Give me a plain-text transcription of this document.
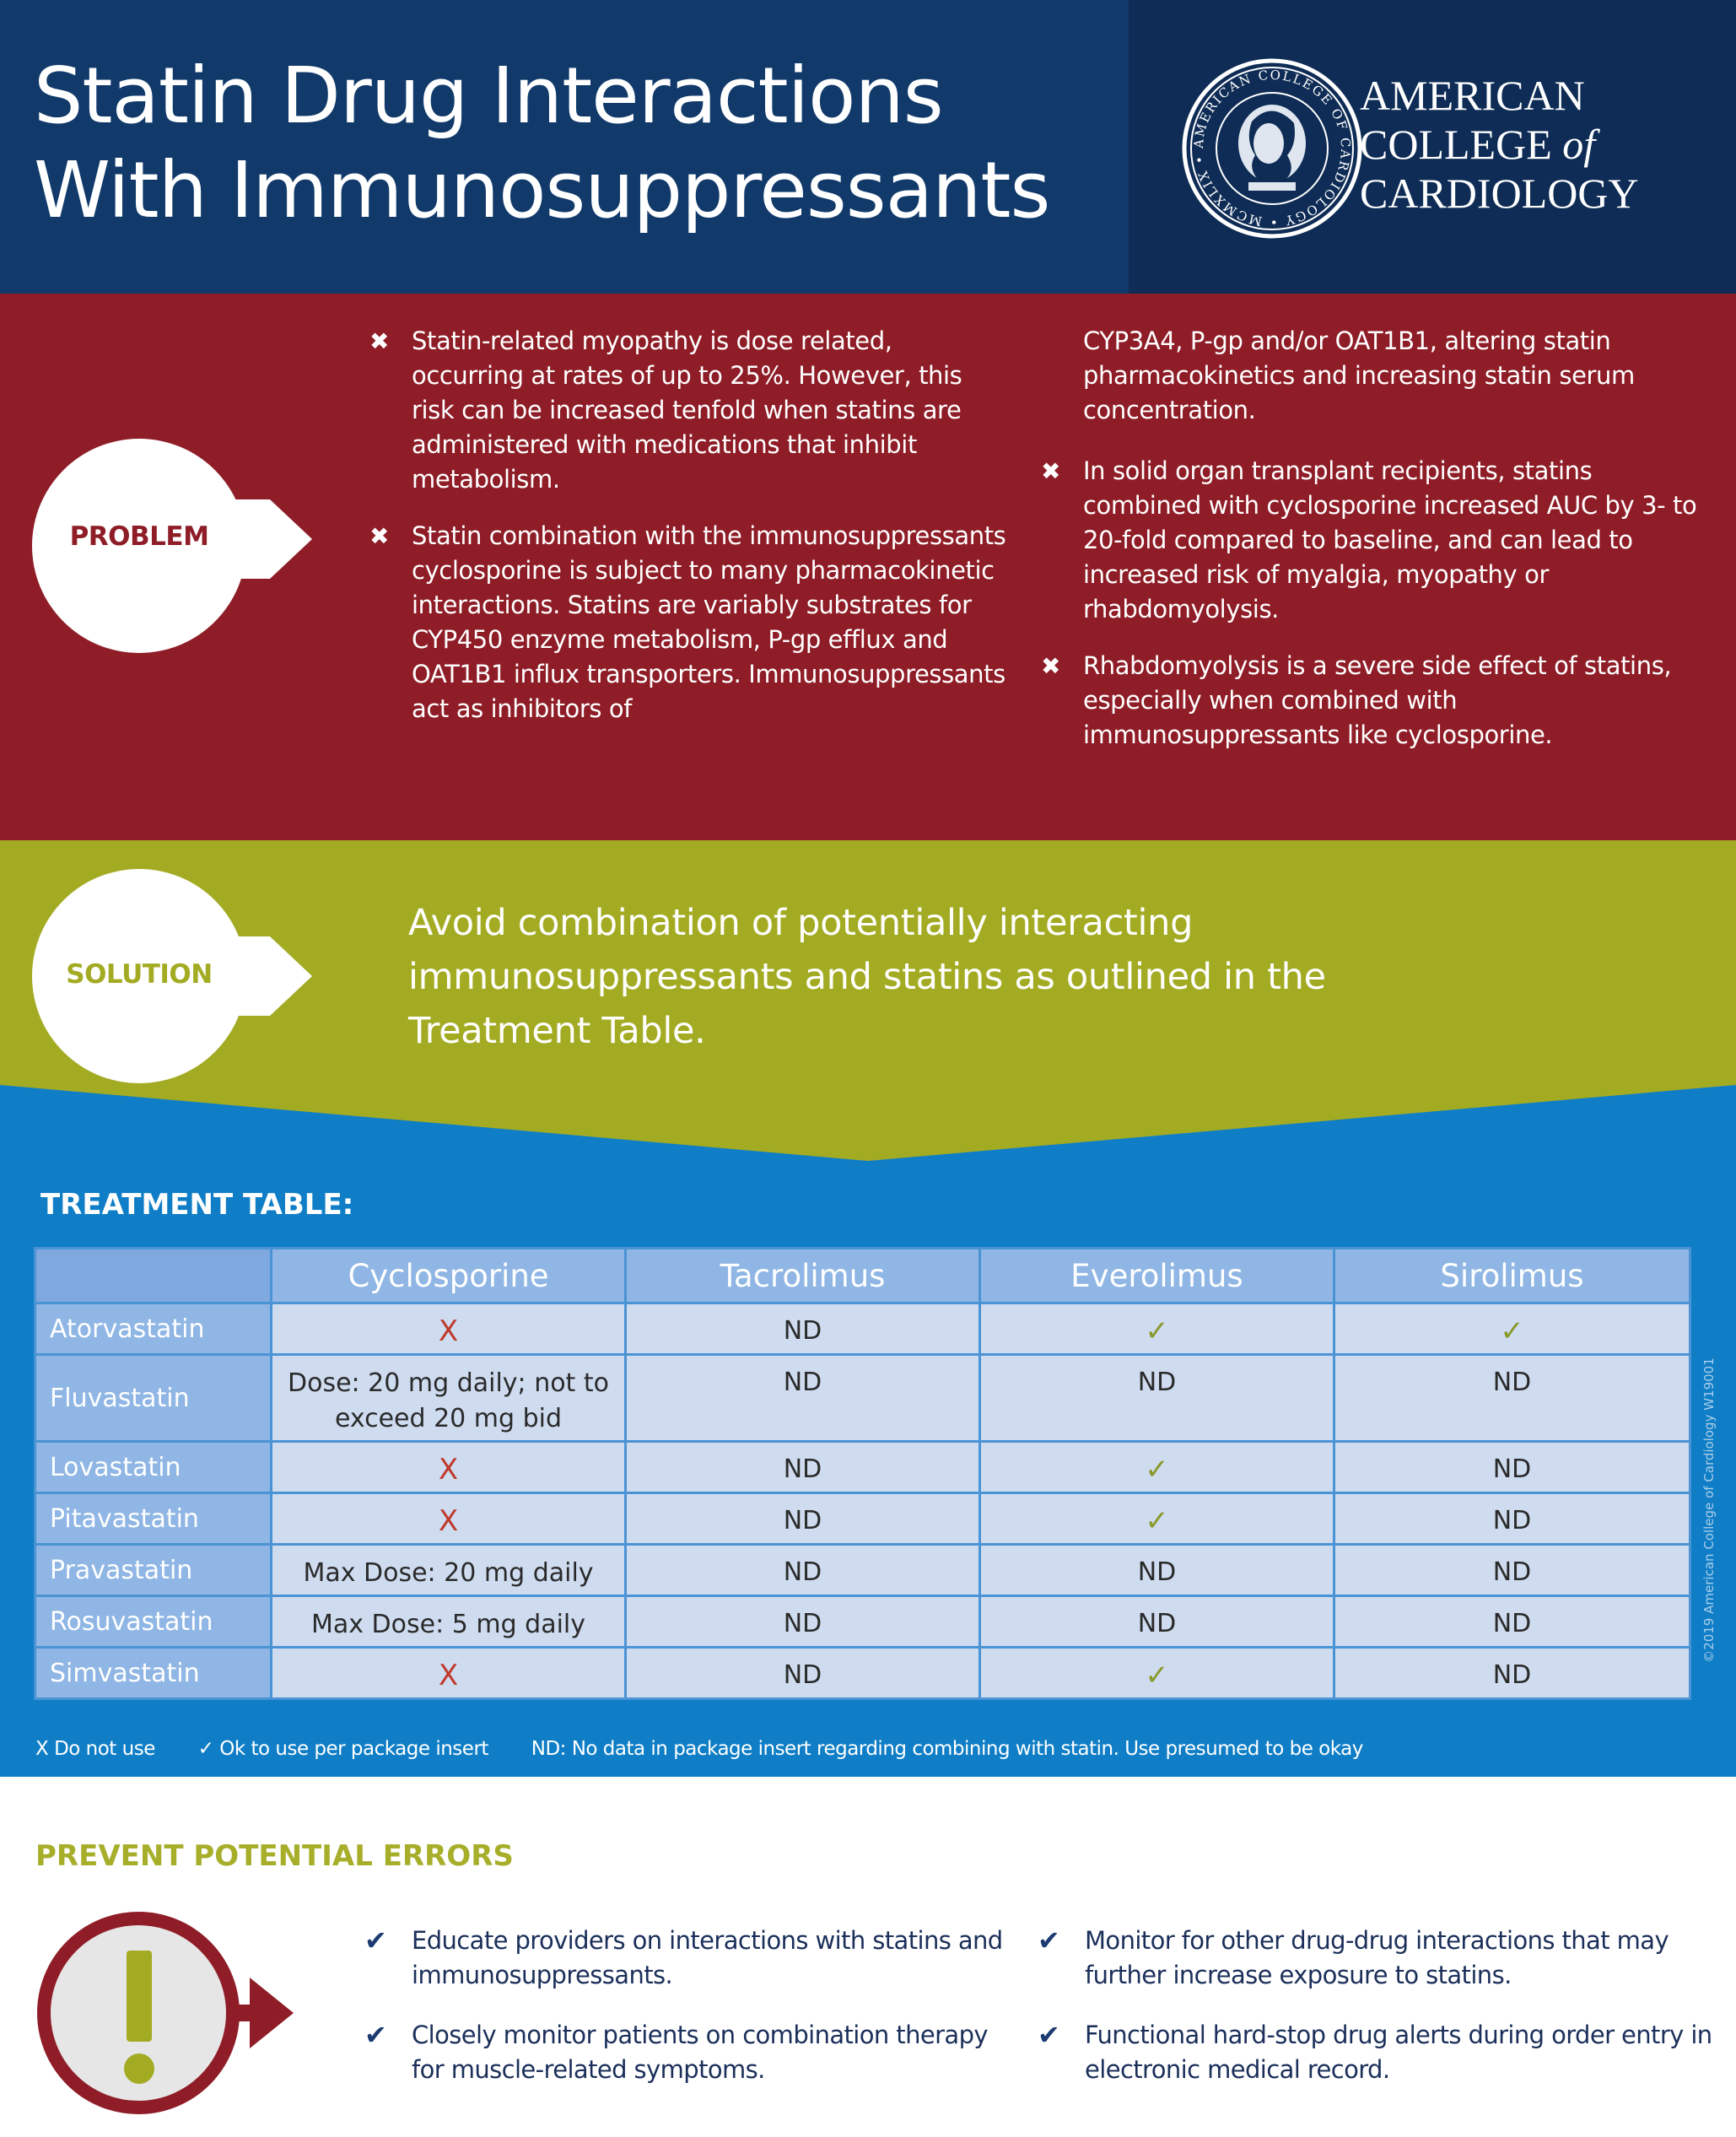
Statin Drug Interactions
With Immunosuppressants
AMERICAN COLLEGE OF CARDIOLOGY • MCMXLIX •
AMERICAN
COLLEGE of
CARDIOLOGY
PROBLEM
✖ Statin-related myopathy is dose related, occurring at rates of up to 25%. However, this risk can be increased tenfold when statins are administered with medications that inhibit metabolism.
✖ Statin combination with the immunosuppressants cyclosporine is subject to many pharmacokinetic interactions. Statins are variably substrates for CYP450 enzyme metabolism, P-gp efflux and OAT1B1 influx transporters. Immunosuppressants act as inhibitors of

CYP3A4, P-gp and/or OAT1B1, altering statin pharmacokinetics and increasing statin serum concentration.

✖ In solid organ transplant recipients, statins combined with cyclosporine increased AUC by 3- to 20-fold compared to baseline, and can lead to increased risk of myalgia, myopathy or rhabdomyolysis.
✖ Rhabdomyolysis is a severe side effect of statins, especially when combined with immunosuppressants like cyclosporine.
SOLUTION

Avoid combination of potentially interacting immunosuppressants and statins as outlined in the Treatment Table.

TREATMENT TABLE:
	Cyclosporine	Tacrolimus	Everolimus	Sirolimus
Atorvastatin	X	ND	✓	✓

Fluvastatin	Dose: 20 mg daily; not to exceed 20 mg bid	ND	ND	ND

Lovastatin	X	ND	✓	ND

Pitavastatin	X	ND	✓	ND

Pravastatin	Max Dose: 20 mg daily	ND	ND	ND

Rosuvastatin	Max Dose: 5 mg daily	ND	ND	ND

Simvastatin	X	ND	✓	ND
©2019 American College of Cardiology W19001
X Do not use ✓ Ok to use per package insert ND: No data in package insert regarding combining with statin. Use presumed to be okay
PREVENT POTENTIAL ERRORS
✔ Educate providers on interactions with statins and immunosuppressants.
✔ Closely monitor patients on combination therapy for muscle-related symptoms.
✔ Monitor for other drug-drug interactions that may further increase exposure to statins.
✔ Functional hard-stop drug alerts during order entry in electronic medical record.
